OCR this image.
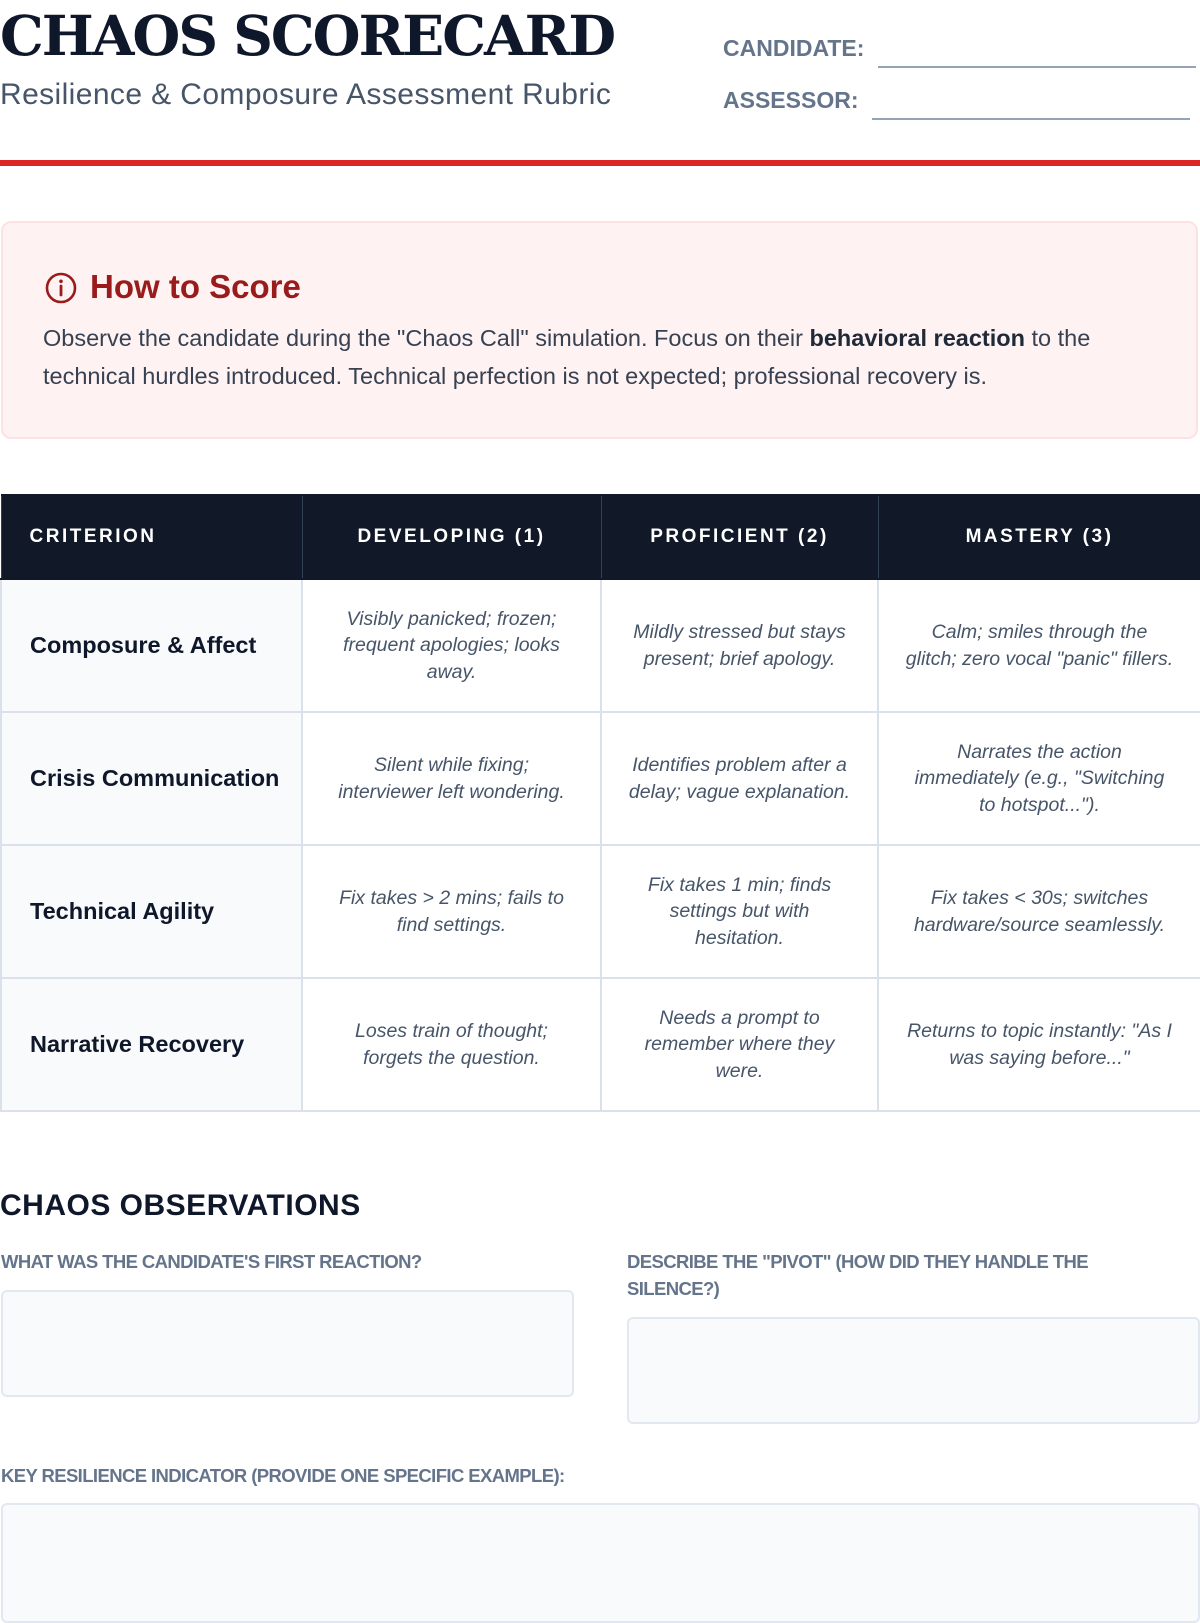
CHAOS SCORECARD
Resilience & Composure Assessment Rubric
CANDIDATE:
ASSESSOR:
How to Score
Observe the candidate during the "Chaos Call" simulation. Focus on their behavioral reaction to the technical hurdles introduced. Technical perfection is not expected; professional recovery is.
CRITERION	DEVELOPING (1)	PROFICIENT (2)	MASTERY (3)
Composure & Affect	Visibly panicked; frozen; frequent apologies; looks away.	Mildly stressed but stays present; brief apology.	Calm; smiles through the glitch; zero vocal "panic" fillers.
Crisis Communication	Silent while fixing; interviewer left wondering.	Identifies problem after a delay; vague explanation.	Narrates the action immediately (e.g., "Switching to hotspot...").
Technical Agility	Fix takes > 2 mins; fails to find settings.	Fix takes 1 min; finds settings but with hesitation.	Fix takes < 30s; switches hardware/source seamlessly.
Narrative Recovery	Loses train of thought; forgets the question.	Needs a prompt to remember where they were.	Returns to topic instantly: "As I was saying before..."
CHAOS OBSERVATIONS
WHAT WAS THE CANDIDATE'S FIRST REACTION?	DESCRIBE THE "PIVOT" (HOW DID THEY HANDLE THE SILENCE?)
KEY RESILIENCE INDICATOR (PROVIDE ONE SPECIFIC EXAMPLE):
